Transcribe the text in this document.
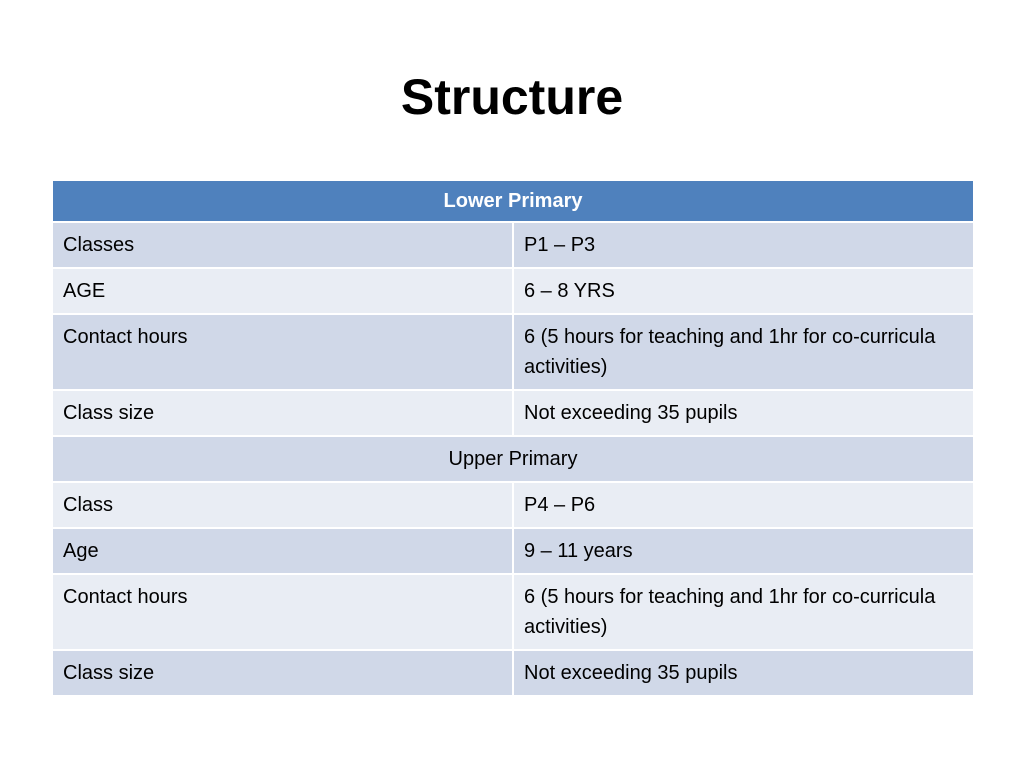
Structure
Lower Primary	
Classes	P1 – P3
AGE	6 – 8 YRS
Contact hours	6 (5 hours for teaching and 1hr for co-curricula activities)
Class size	Not exceeding 35 pupils
Upper Primary	
Class	P4 – P6
Age	9 – 11 years
Contact hours	6 (5 hours for teaching and 1hr for co-curricula activities)
Class size	Not exceeding 35 pupils
